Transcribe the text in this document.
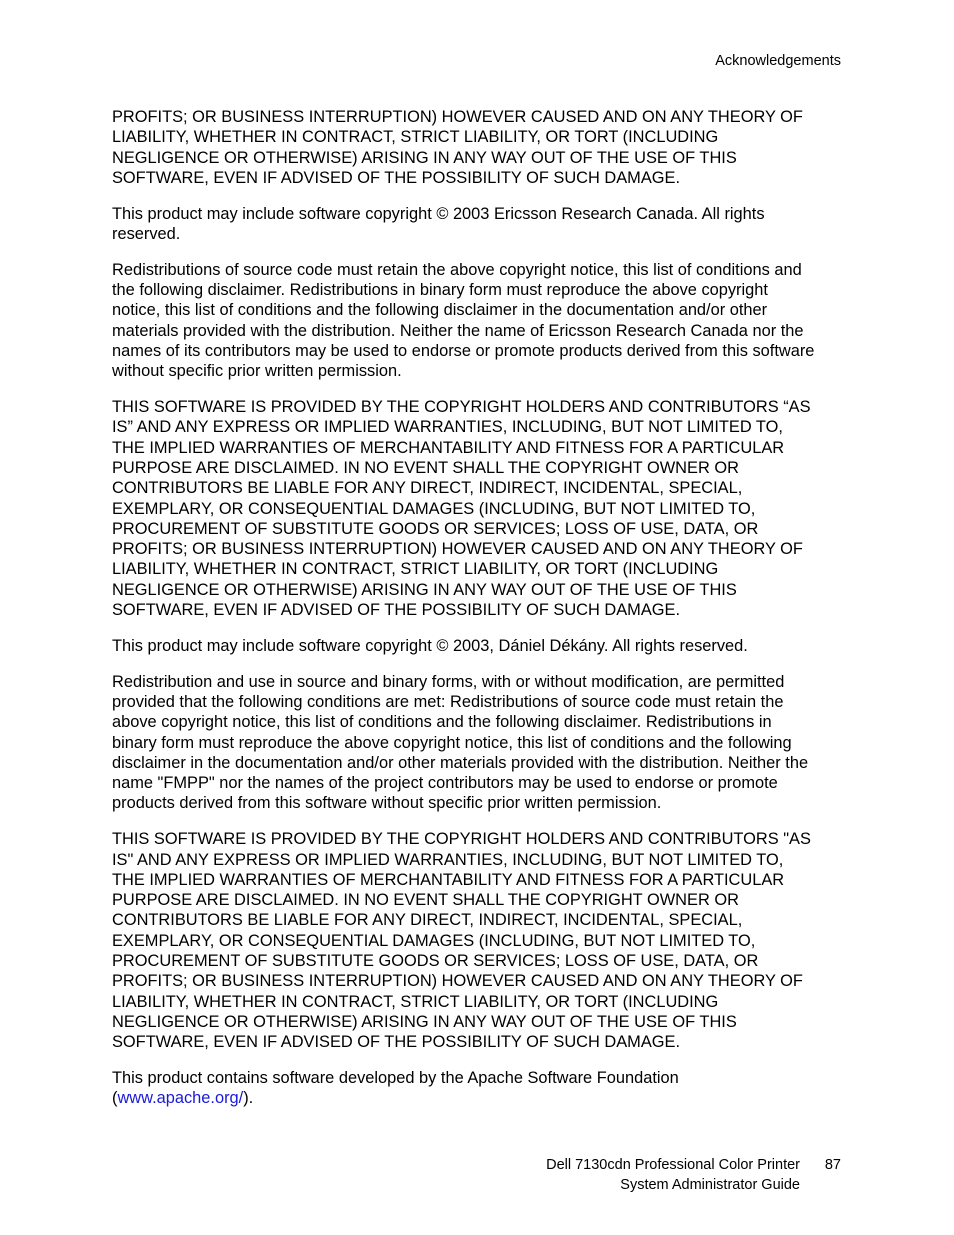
Acknowledgements

PROFITS; OR BUSINESS INTERRUPTION) HOWEVER CAUSED AND ON ANY THEORY OF
LIABILITY, WHETHER IN CONTRACT, STRICT LIABILITY, OR TORT (INCLUDING
NEGLIGENCE OR OTHERWISE) ARISING IN ANY WAY OUT OF THE USE OF THIS
SOFTWARE, EVEN IF ADVISED OF THE POSSIBILITY OF SUCH DAMAGE.

This product may include software copyright © 2003 Ericsson Research Canada. All rights
reserved.

Redistributions of source code must retain the above copyright notice, this list of conditions and
the following disclaimer. Redistributions in binary form must reproduce the above copyright
notice, this list of conditions and the following disclaimer in the documentation and/or other
materials provided with the distribution. Neither the name of Ericsson Research Canada nor the
names of its contributors may be used to endorse or promote products derived from this software
without specific prior written permission.

THIS SOFTWARE IS PROVIDED BY THE COPYRIGHT HOLDERS AND CONTRIBUTORS “AS
IS” AND ANY EXPRESS OR IMPLIED WARRANTIES, INCLUDING, BUT NOT LIMITED TO,
THE IMPLIED WARRANTIES OF MERCHANTABILITY AND FITNESS FOR A PARTICULAR
PURPOSE ARE DISCLAIMED. IN NO EVENT SHALL THE COPYRIGHT OWNER OR
CONTRIBUTORS BE LIABLE FOR ANY DIRECT, INDIRECT, INCIDENTAL, SPECIAL,
EXEMPLARY, OR CONSEQUENTIAL DAMAGES (INCLUDING, BUT NOT LIMITED TO,
PROCUREMENT OF SUBSTITUTE GOODS OR SERVICES; LOSS OF USE, DATA, OR
PROFITS; OR BUSINESS INTERRUPTION) HOWEVER CAUSED AND ON ANY THEORY OF
LIABILITY, WHETHER IN CONTRACT, STRICT LIABILITY, OR TORT (INCLUDING
NEGLIGENCE OR OTHERWISE) ARISING IN ANY WAY OUT OF THE USE OF THIS
SOFTWARE, EVEN IF ADVISED OF THE POSSIBILITY OF SUCH DAMAGE.

This product may include software copyright © 2003, Dániel Dékány. All rights reserved.

Redistribution and use in source and binary forms, with or without modification, are permitted
provided that the following conditions are met: Redistributions of source code must retain the
above copyright notice, this list of conditions and the following disclaimer. Redistributions in
binary form must reproduce the above copyright notice, this list of conditions and the following
disclaimer in the documentation and/or other materials provided with the distribution. Neither the
name "FMPP" nor the names of the project contributors may be used to endorse or promote
products derived from this software without specific prior written permission.

THIS SOFTWARE IS PROVIDED BY THE COPYRIGHT HOLDERS AND CONTRIBUTORS "AS
IS" AND ANY EXPRESS OR IMPLIED WARRANTIES, INCLUDING, BUT NOT LIMITED TO,
THE IMPLIED WARRANTIES OF MERCHANTABILITY AND FITNESS FOR A PARTICULAR
PURPOSE ARE DISCLAIMED. IN NO EVENT SHALL THE COPYRIGHT OWNER OR
CONTRIBUTORS BE LIABLE FOR ANY DIRECT, INDIRECT, INCIDENTAL, SPECIAL,
EXEMPLARY, OR CONSEQUENTIAL DAMAGES (INCLUDING, BUT NOT LIMITED TO,
PROCUREMENT OF SUBSTITUTE GOODS OR SERVICES; LOSS OF USE, DATA, OR
PROFITS; OR BUSINESS INTERRUPTION) HOWEVER CAUSED AND ON ANY THEORY OF
LIABILITY, WHETHER IN CONTRACT, STRICT LIABILITY, OR TORT (INCLUDING
NEGLIGENCE OR OTHERWISE) ARISING IN ANY WAY OUT OF THE USE OF THIS
SOFTWARE, EVEN IF ADVISED OF THE POSSIBILITY OF SUCH DAMAGE.

This product contains software developed by the Apache Software Foundation
(www.apache.org/).

Dell 7130cdn Professional Color Printer
System Administrator Guide
87
